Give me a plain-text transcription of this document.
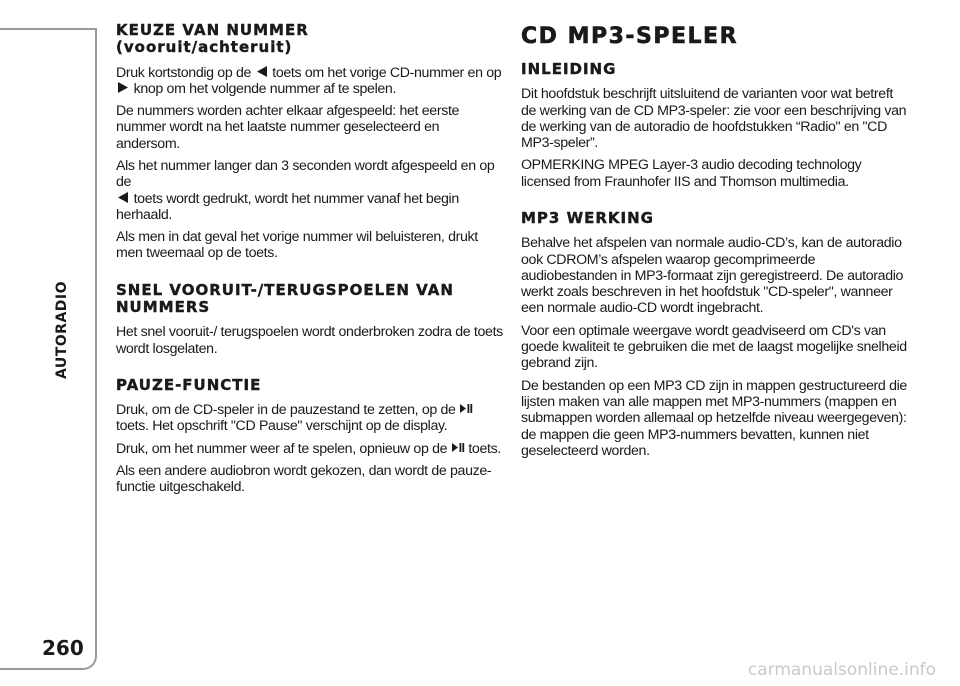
AUTORADIO
260
KEUZE VAN NUMMER
(vooruit/achteruit)

Druk kortstondig op de toets om het vorige CD-nummer en op
knop om het volgende nummer af te spelen.

De nummers worden achter elkaar afgespeeld: het eerste nummer wordt na het laatste nummer geselecteerd en andersom.

Als het nummer langer dan 3 seconden wordt afgespeeld en op de
toets wordt gedrukt, wordt het nummer vanaf het begin herhaald.

Als men in dat geval het vorige nummer wil beluisteren, drukt men tweemaal op de toets.

SNEL VOORUIT-/TERUGSPOELEN VAN
NUMMERS

Het snel vooruit-/ terugspoelen wordt onderbroken zodra de toets wordt losgelaten.

PAUZE-FUNCTIE

Druk, om de CD-speler in de pauzestand te zetten, op de  toets. Het opschrift "CD Pause" verschijnt op de display.

Druk, om het nummer weer af te spelen, opnieuw op de toets.

Als een andere audiobron wordt gekozen, dan wordt de pauze-functie uitgeschakeld.

CD MP3-SPELER
INLEIDING

Dit hoofdstuk beschrijft uitsluitend de varianten voor wat betreft de werking van de CD MP3-speler: zie voor een beschrijving van de werking van de autoradio de hoofdstukken “Radio" en "CD MP3-speler”.

OPMERKING MPEG Layer-3 audio decoding technology licensed from Fraunhofer IIS and Thomson multimedia.

MP3 WERKING

Behalve het afspelen van normale audio-CD’s, kan de autoradio ook CDROM’s afspelen waarop gecomprimeerde audiobestanden in MP3-formaat zijn geregistreerd. De autoradio werkt zoals beschreven in het hoofdstuk "CD-speler", wanneer een normale audio-CD wordt ingebracht.

Voor een optimale weergave wordt geadviseerd om CD's van goede kwaliteit te gebruiken die met de laagst mogelijke snelheid gebrand zijn.

De bestanden op een MP3 CD zijn in mappen gestructureerd die lijsten maken van alle mappen met MP3-nummers (mappen en submappen worden allemaal op hetzelfde niveau weergegeven): de mappen die geen MP3-nummers bevatten, kunnen niet geselecteerd worden.

carmanualsonline.info
